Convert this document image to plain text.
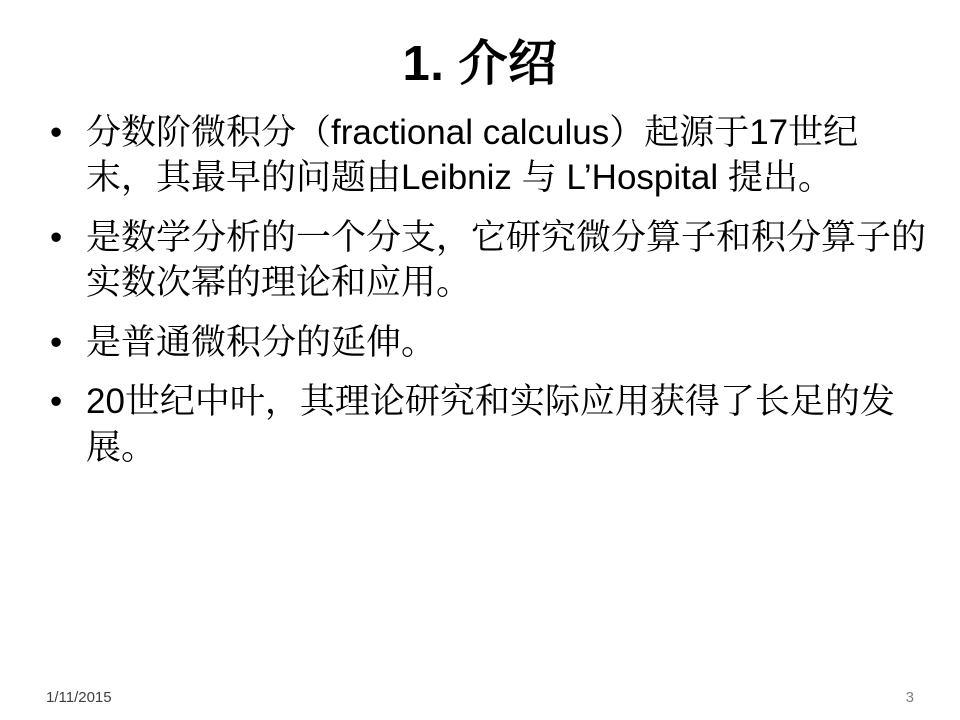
1. 介绍
• 分数阶微积分（fractional calculus）起源于17世纪末，其最早的问题由Leibniz 与 L’Hospital 提出。
• 是数学分析的一个分支，它研究微分算子和积分算子的实数次幂的理论和应用。
• 是普通微积分的延伸。
• 20世纪中叶，其理论研究和实际应用获得了长足的发展。
1/11/2015	3
